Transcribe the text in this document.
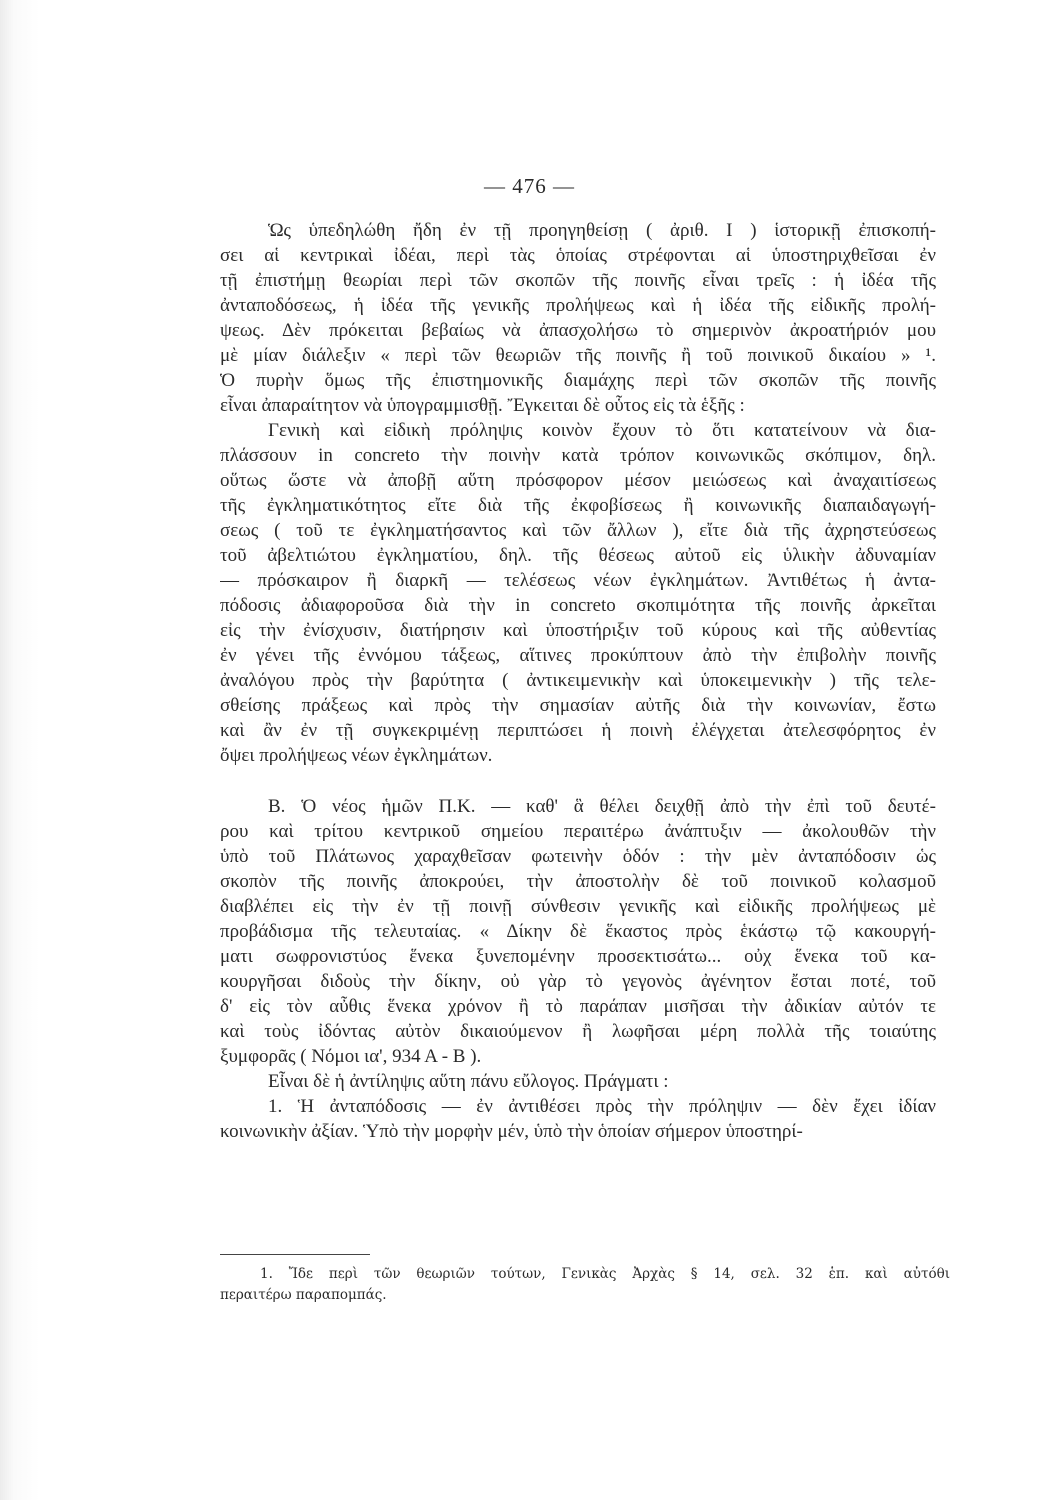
— 476 —
Ὡς ὑπεδηλώθη ἤδη ἐν τῇ προηγηθείσῃ ( ἀριθ. I ) ἱστορικῇ ἐπισκοπή-
σει αἱ κεντρικαὶ ἰδέαι, περὶ τὰς ὁποίας στρέφονται αἱ ὑποστηριχθεῖσαι ἐν
τῇ ἐπιστήμῃ θεωρίαι περὶ τῶν σκοπῶν τῆς ποινῆς εἶναι τρεῖς : ἡ ἰδέα τῆς
ἀνταποδόσεως, ἡ ἰδέα τῆς γενικῆς προλήψεως καὶ ἡ ἰδέα τῆς εἰδικῆς προλή-
ψεως. Δὲν πρόκειται βεβαίως νὰ ἀπασχολήσω τὸ σημερινὸν ἀκροατήριόν μου
μὲ μίαν διάλεξιν « περὶ τῶν θεωριῶν τῆς ποινῆς ἢ τοῦ ποινικοῦ δικαίου » ¹.
Ὁ πυρὴν ὅμως τῆς ἐπιστημονικῆς διαμάχης περὶ τῶν σκοπῶν τῆς ποινῆς
εἶναι ἀπαραίτητον νὰ ὑπογραμμισθῇ. Ἔγκειται δὲ οὗτος εἰς τὰ ἑξῆς :
Γενικὴ καὶ εἰδικὴ πρόληψις κοινὸν ἔχουν τὸ ὅτι κατατείνουν νὰ δια-
πλάσσουν in concreto τὴν ποινὴν κατὰ τρόπον κοινωνικῶς σκόπιμον, δηλ.
οὕτως ὥστε νὰ ἀποβῇ αὕτη πρόσφορον μέσον μειώσεως καὶ ἀναχαιτίσεως
τῆς ἐγκληματικότητος εἴτε διὰ τῆς ἐκφοβίσεως ἢ κοινωνικῆς διαπαιδαγωγή-
σεως ( τοῦ τε ἐγκληματήσαντος καὶ τῶν ἄλλων ), εἴτε διὰ τῆς ἀχρηστεύσεως
τοῦ ἀβελτιώτου ἐγκληματίου, δηλ. τῆς θέσεως αὐτοῦ εἰς ὑλικὴν ἀδυναμίαν
— πρόσκαιρον ἢ διαρκῆ — τελέσεως νέων ἐγκλημάτων. Ἀντιθέτως ἡ ἀντα-
πόδοσις ἀδιαφοροῦσα διὰ τὴν in concreto σκοπιμότητα τῆς ποινῆς ἀρκεῖται
εἰς τὴν ἐνίσχυσιν, διατήρησιν καὶ ὑποστήριξιν τοῦ κύρους καὶ τῆς αὐθεντίας
ἐν γένει τῆς ἐννόμου τάξεως, αἵτινες προκύπτουν ἀπὸ τὴν ἐπιβολὴν ποινῆς
ἀναλόγου πρὸς τὴν βαρύτητα ( ἀντικειμενικὴν καὶ ὑποκειμενικὴν ) τῆς τελε-
σθείσης πράξεως καὶ πρὸς τὴν σημασίαν αὐτῆς διὰ τὴν κοινωνίαν, ἔστω
καὶ ἂν ἐν τῇ συγκεκριμένῃ περιπτώσει ἡ ποινὴ ἐλέγχεται ἀτελεσφόρητος ἐν
ὄψει προλήψεως νέων ἐγκλημάτων.
Β. Ὁ νέος ἡμῶν Π.Κ. — καθ' ἃ θέλει δειχθῇ ἀπὸ τὴν ἐπὶ τοῦ δευτέ-
ρου καὶ τρίτου κεντρικοῦ σημείου περαιτέρω ἀνάπτυξιν — ἀκολουθῶν τὴν
ὑπὸ τοῦ Πλάτωνος χαραχθεῖσαν φωτεινὴν ὁδόν : τὴν μὲν ἀνταπόδοσιν ὡς
σκοπὸν τῆς ποινῆς ἀποκρούει, τὴν ἀποστολὴν δὲ τοῦ ποινικοῦ κολασμοῦ
διαβλέπει εἰς τὴν ἐν τῇ ποινῇ σύνθεσιν γενικῆς καὶ εἰδικῆς προλήψεως μὲ
προβάδισμα τῆς τελευταίας. « Δίκην δὲ ἕκαστος πρὸς ἑκάστῳ τῷ κακουργή-
ματι σωφρονιστύος ἕνεκα ξυνεπομένην προσεκτισάτω... οὐχ ἕνεκα τοῦ κα-
κουργῆσαι διδοὺς τὴν δίκην, οὐ γὰρ τὸ γεγονὸς ἀγένητον ἔσται ποτέ, τοῦ
δ' εἰς τὸν αὖθις ἕνεκα χρόνον ἢ τὸ παράπαν μισῆσαι τὴν ἀδικίαν αὐτόν τε
καὶ τοὺς ἰδόντας αὐτὸν δικαιούμενον ἢ λωφῆσαι μέρη πολλὰ τῆς τοιαύτης
ξυμφορᾶς ( Νόμοι ια', 934 Α - Β ).
Εἶναι δὲ ἡ ἀντίληψις αὕτη πάνυ εὔλογος. Πράγματι :
1. Ἡ ἀνταπόδοσις — ἐν ἀντιθέσει πρὸς τὴν πρόληψιν — δὲν ἔχει ἰδίαν
κοινωνικὴν ἀξίαν. Ὑπὸ τὴν μορφὴν μέν, ὑπὸ τὴν ὁποίαν σήμερον ὑποστηρί-
1. Ἴδε περὶ τῶν θεωριῶν τούτων, Γενικὰς Ἀρχὰς § 14, σελ. 32 ἑπ. καὶ αὐτόθι
περαιτέρω παραπομπάς.
